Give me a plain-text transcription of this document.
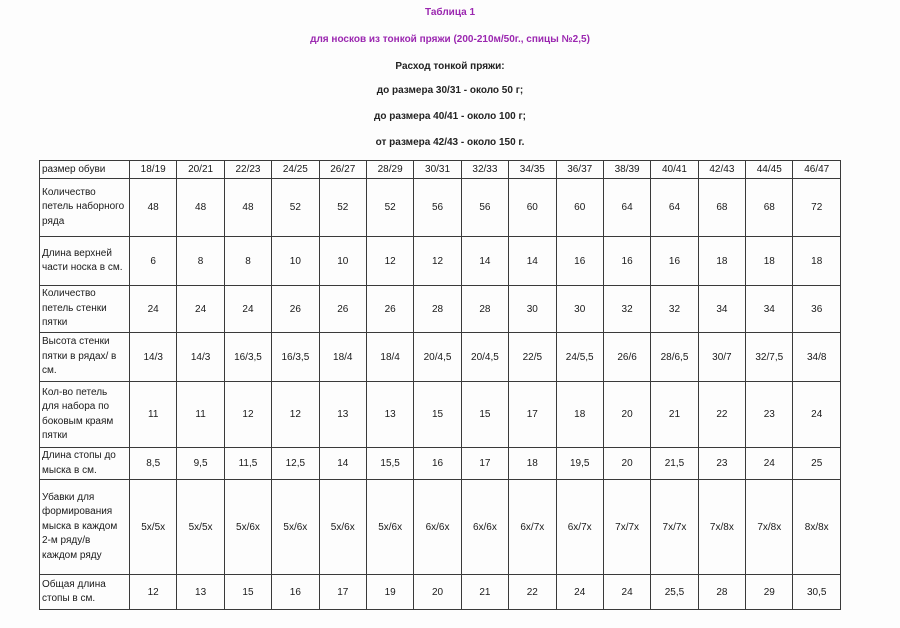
Таблица 1
для носков из тонкой пряжи (200-210м/50г., спицы №2,5)
Расход тонкой пряжи:
до размера 30/31 - около 50 г;
до размера 40/41 - около 100 г;
от размера 42/43 - около 150 г.
размер обуви	18/19	20/21	22/23	24/25	26/27	28/29	30/31	32/33	34/35	36/37	38/39	40/41	42/43	44/45	46/47
Количество петель наборного ряда	48	48	48	52	52	52	56	56	60	60	64	64	68	68	72
Длина верхней части носка в см.	6	8	8	10	10	12	12	14	14	16	16	16	18	18	18
Количество петель стенки пятки	24	24	24	26	26	26	28	28	30	30	32	32	34	34	36
Высота стенки пятки в рядах/ в см.	14/3	14/3	16/3,5	16/3,5	18/4	18/4	20/4,5	20/4,5	22/5	24/5,5	26/6	28/6,5	30/7	32/7,5	34/8
Кол-во петель для набора по боковым краям пятки	11	11	12	12	13	13	15	15	17	18	20	21	22	23	24
Длина стопы до мыска в см.	8,5	9,5	11,5	12,5	14	15,5	16	17	18	19,5	20	21,5	23	24	25
Убавки для формирования мыска в каждом 2-м ряду/в каждом ряду	5х/5х	5х/5х	5х/6х	5х/6х	5х/6х	5х/6х	6х/6х	6х/6х	6х/7х	6х/7х	7х/7х	7х/7х	7х/8х	7х/8х	8х/8х
Общая длина стопы в см.	12	13	15	16	17	19	20	21	22	24	24	25,5	28	29	30,5
